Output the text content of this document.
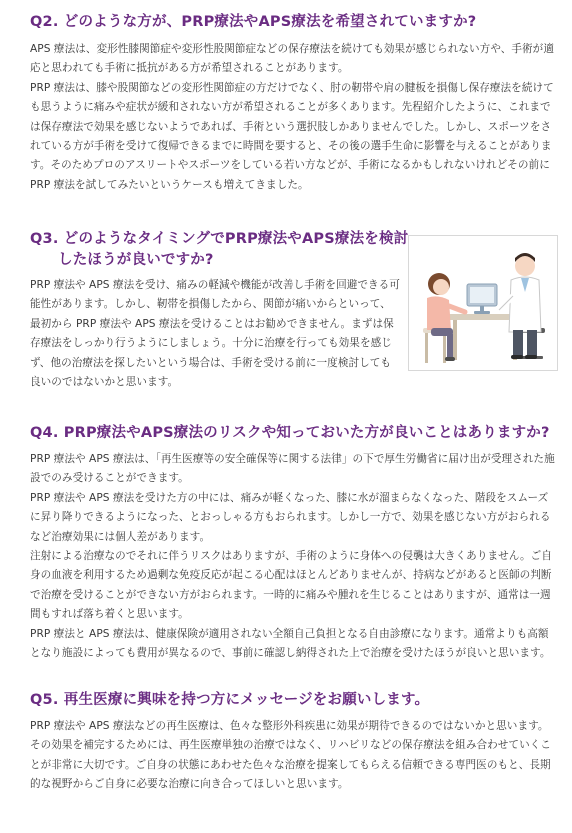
Q2. どのような方が、PRP療法やAPS療法を希望されていますか?

APS 療法は、変形性膝関節症や変形性股関節症などの保存療法を続けても効果が感じられない方や、手術が適応と思われても手術に抵抗がある方が希望されることがあります。

PRP 療法は、膝や股関節などの変形性関節症の方だけでなく、肘の靭帯や肩の腱板を損傷し保存療法を続けても思うように痛みや症状が緩和されない方が希望されることが多くあります。先程紹介したように、これまでは保存療法で効果を感じないようであれば、手術という選択肢しかありませんでした。しかし、スポーツをされている方が手術を受けて復帰できるまでに時間を要すると、その後の選手生命に影響を与えることがあります。そのためプロのアスリートやスポーツをしている若い方などが、手術になるかもしれないけれどその前に PRP 療法を試してみたいというケースも増えてきました。

Q3. どのようなタイミングでPRP療法やAPS療法を検討
したほうが良いですか?

PRP 療法や APS 療法を受け、痛みの軽減や機能が改善し手術を回避できる可能性があります。しかし、靭帯を損傷したから、関節が痛いからといって、最初から PRP 療法や APS 療法を受けることはお勧めできません。まずは保存療法をしっかり行うようにしましょう。十分に治療を行っても効果を感じず、他の治療法を探したいという場合は、手術を受ける前に一度検討しても良いのではないかと思います。

Q4. PRP療法やAPS療法のリスクや知っておいた方が良いことはありますか?

PRP 療法や APS 療法は、「再生医療等の安全確保等に関する法律」の下で厚生労働省に届け出が受理された施設でのみ受けることができます。

PRP 療法や APS 療法を受けた方の中には、痛みが軽くなった、膝に水が溜まらなくなった、階段をスムーズに昇り降りできるようになった、とおっしゃる方もおられます。しかし一方で、効果を感じない方がおられるなど治療効果には個人差があります。

注射による治療なのでそれに伴うリスクはありますが、手術のように身体への侵襲は大きくありません。ご自身の血液を利用するため過剰な免疫反応が起こる心配はほとんどありませんが、持病などがあると医師の判断で治療を受けることができない方がおられます。一時的に痛みや腫れを生じることはありますが、通常は一週間もすれば落ち着くと思います。

PRP 療法と APS 療法は、健康保険が適用されない全額自己負担となる自由診療になります。通常よりも高額となり施設によっても費用が異なるので、事前に確認し納得された上で治療を受けたほうが良いと思います。

Q5. 再生医療に興味を持つ方にメッセージをお願いします。

PRP 療法や APS 療法などの再生医療は、色々な整形外科疾患に効果が期待できるのではないかと思います。その効果を補完するためには、再生医療単独の治療ではなく、リハビリなどの保存療法を組み合わせていくことが非常に大切です。ご自身の状態にあわせた色々な治療を提案してもらえる信頼できる専門医のもと、長期的な視野からご自身に必要な治療に向き合ってほしいと思います。
